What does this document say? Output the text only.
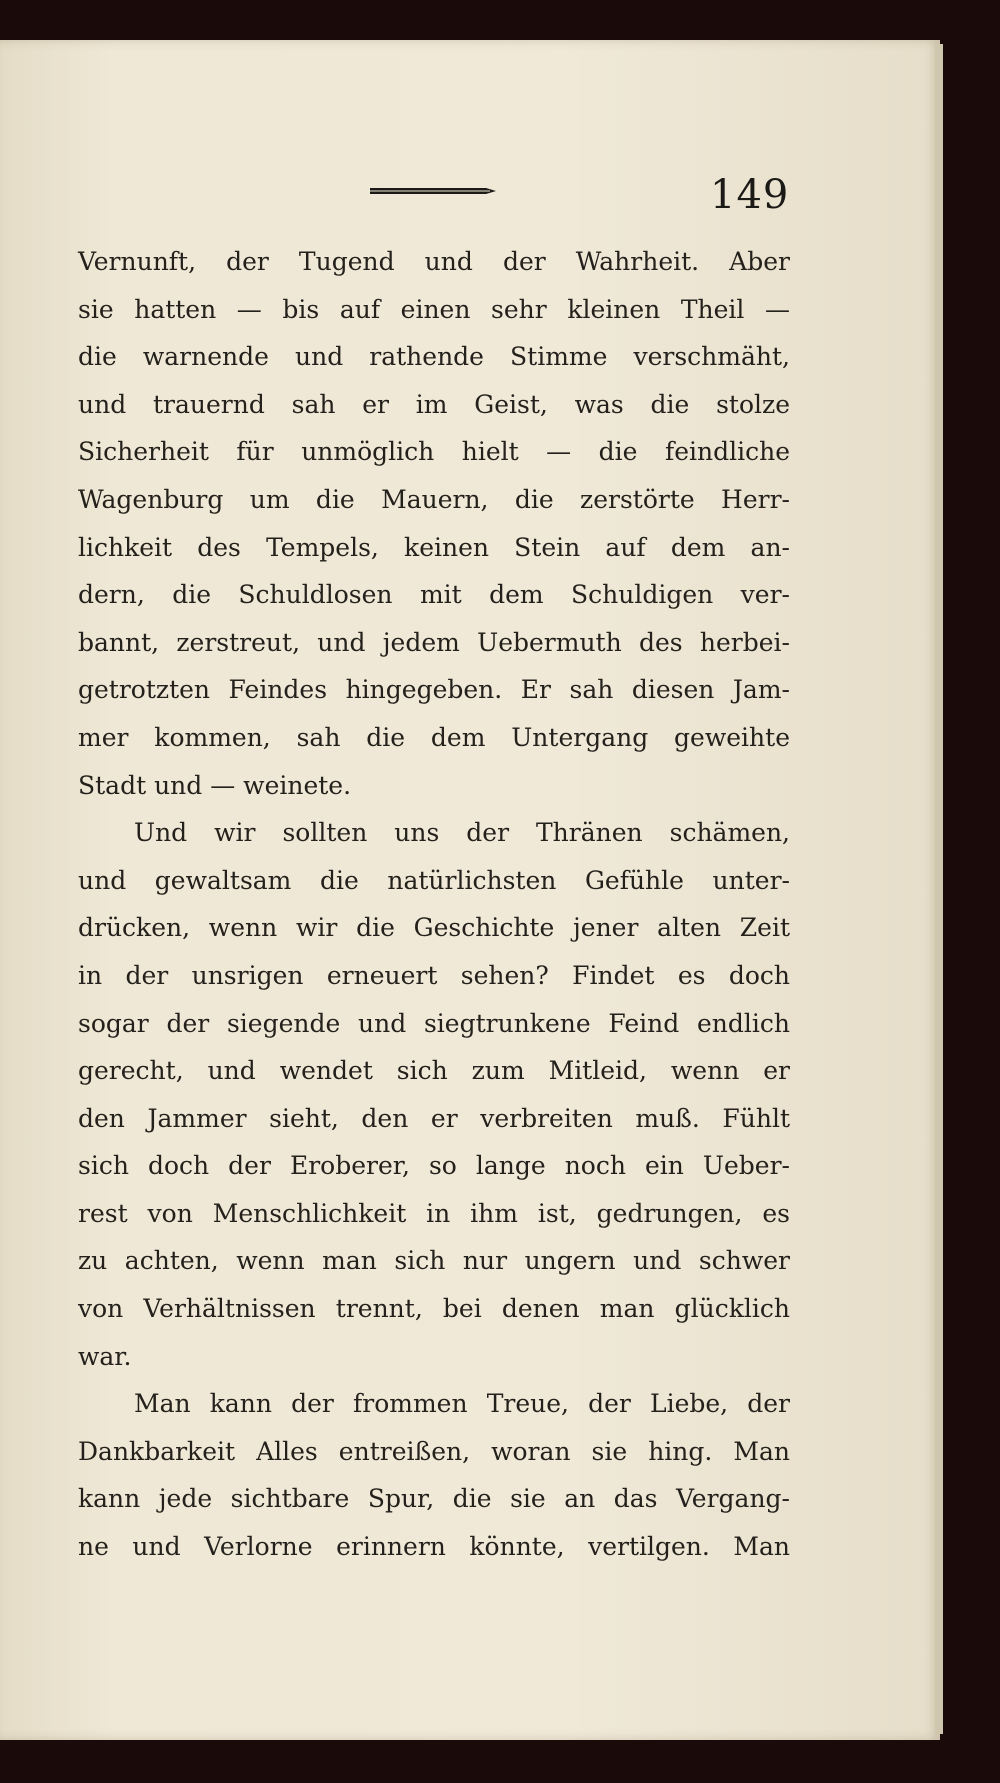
149
Vernunft, der Tugend und der Wahrheit. Aber
sie hatten — bis auf einen sehr kleinen Theil —
die warnende und rathende Stimme verschmäht,
und trauernd sah er im Geist, was die stolze
Sicherheit für unmöglich hielt — die feindliche
Wagenburg um die Mauern, die zerstörte Herr-
lichkeit des Tempels, keinen Stein auf dem an-
dern, die Schuldlosen mit dem Schuldigen ver-
bannt, zerstreut, und jedem Uebermuth des herbei-
getrotzten Feindes hingegeben. Er sah diesen Jam-
mer kommen, sah die dem Untergang geweihte
Stadt und — weinete.
Und wir sollten uns der Thränen schämen,
und gewaltsam die natürlichsten Gefühle unter-
drücken, wenn wir die Geschichte jener alten Zeit
in der unsrigen erneuert sehen? Findet es doch
sogar der siegende und siegtrunkene Feind endlich
gerecht, und wendet sich zum Mitleid, wenn er
den Jammer sieht, den er verbreiten muß. Fühlt
sich doch der Eroberer, so lange noch ein Ueber-
rest von Menschlichkeit in ihm ist, gedrungen, es
zu achten, wenn man sich nur ungern und schwer
von Verhältnissen trennt, bei denen man glücklich
war.
Man kann der frommen Treue, der Liebe, der
Dankbarkeit Alles entreißen, woran sie hing. Man
kann jede sichtbare Spur, die sie an das Vergang-
ne und Verlorne erinnern könnte, vertilgen. Man
